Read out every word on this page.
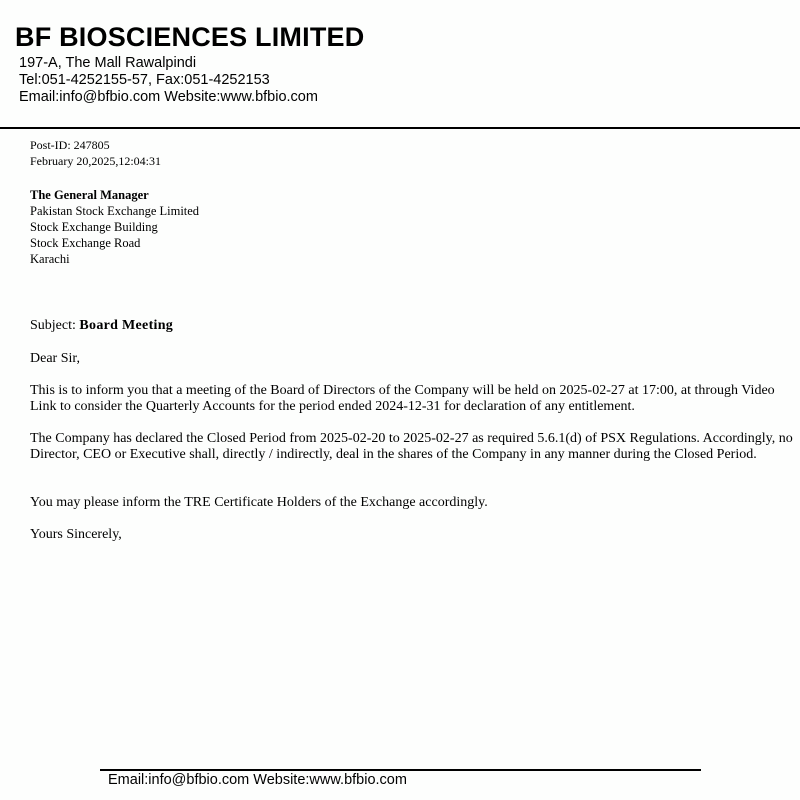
BF BIOSCIENCES LIMITED
197-A, The Mall Rawalpindi
Tel:051-4252155-57, Fax:051-4252153
Email:info@bfbio.com Website:www.bfbio.com
Post-ID: 247805
February 20,2025,12:04:31
The General Manager
Pakistan Stock Exchange Limited
Stock Exchange Building
Stock Exchange Road
Karachi
Subject: Board Meeting
Dear Sir,
This is to inform you that a meeting of the Board of Directors of the Company will be held on 2025-02-27 at 17:00, at through Video Link to consider the Quarterly Accounts for the period ended 2024-12-31 for declaration of any entitlement.
The Company has declared the Closed Period from 2025-02-20 to 2025-02-27 as required 5.6.1(d) of PSX Regulations. Accordingly, no Director, CEO or Executive shall, directly / indirectly, deal in the shares of the Company in any manner during the Closed Period.
You may please inform the TRE Certificate Holders of the Exchange accordingly.
Yours Sincerely,
Email:info@bfbio.com Website:www.bfbio.com
